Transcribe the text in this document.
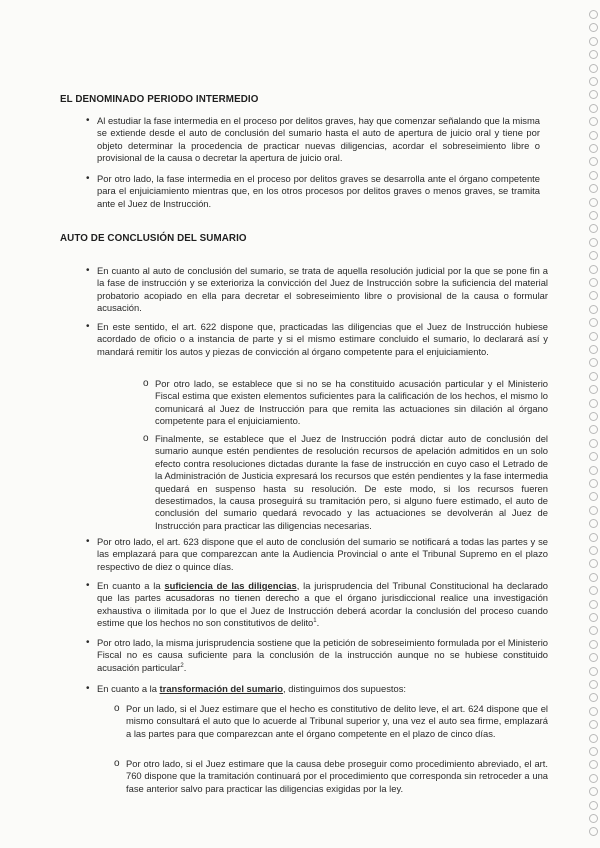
EL DENOMINADO PERIODO INTERMEDIO
• Al estudiar la fase intermedia en el proceso por delitos graves, hay que comenzar señalando que la misma se extiende desde el auto de conclusión del sumario hasta el auto de apertura de juicio oral y tiene por objeto determinar la procedencia de practicar nuevas diligencias, acordar el sobreseimiento libre o provisional de la causa o decretar la apertura de juicio oral.
• Por otro lado, la fase intermedia en el proceso por delitos graves se desarrolla ante el órgano competente para el enjuiciamiento mientras que, en los otros procesos por delitos graves o menos graves, se tramita ante el Juez de Instrucción.
AUTO DE CONCLUSIÓN DEL SUMARIO
• En cuanto al auto de conclusión del sumario, se trata de aquella resolución judicial por la que se pone fin a la fase de instrucción y se exterioriza la convicción del Juez de Instrucción sobre la suficiencia del material probatorio acopiado en ella para decretar el sobreseimiento libre o provisional de la causa o formular acusación.
• En este sentido, el art. 622 dispone que, practicadas las diligencias que el Juez de Instrucción hubiese acordado de oficio o a instancia de parte y si el mismo estimare concluido el sumario, lo declarará así y mandará remitir los autos y piezas de convicción al órgano competente para el enjuiciamiento.
o Por otro lado, se establece que si no se ha constituido acusación particular y el Ministerio Fiscal estima que existen elementos suficientes para la calificación de los hechos, el mismo lo comunicará al Juez de Instrucción para que remita las actuaciones sin dilación al órgano competente para el enjuiciamiento.
o Finalmente, se establece que el Juez de Instrucción podrá dictar auto de conclusión del sumario aunque estén pendientes de resolución recursos de apelación admitidos en un solo efecto contra resoluciones dictadas durante la fase de instrucción en cuyo caso el Letrado de la Administración de Justicia expresará los recursos que estén pendientes y la fase intermedia quedará en suspenso hasta su resolución. De este modo, si los recursos fueren desestimados, la causa proseguirá su tramitación pero, si alguno fuere estimado, el auto de conclusión del sumario quedará revocado y las actuaciones se devolverán al Juez de Instrucción para practicar las diligencias necesarias.
• Por otro lado, el art. 623 dispone que el auto de conclusión del sumario se notificará a todas las partes y se las emplazará para que comparezcan ante la Audiencia Provincial o ante el Tribunal Supremo en el plazo respectivo de diez o quince días.
• En cuanto a la suficiencia de las diligencias, la jurisprudencia del Tribunal Constitucional ha declarado que las partes acusadoras no tienen derecho a que el órgano jurisdiccional realice una investigación exhaustiva o ilimitada por lo que el Juez de Instrucción deberá acordar la conclusión del proceso cuando estime que los hechos no son constitutivos de delito$^1$.
• Por otro lado, la misma jurisprudencia sostiene que la petición de sobreseimiento formulada por el Ministerio Fiscal no es causa suficiente para la conclusión de la instrucción aunque no se hubiese constituido acusación particular$^2$.
• En cuanto a la transformación del sumario, distinguimos dos supuestos:
o Por un lado, si el Juez estimare que el hecho es constitutivo de delito leve, el art. 624 dispone que el mismo consultará el auto que lo acuerde al Tribunal superior y, una vez el auto sea firme, emplazará a las partes para que comparezcan ante el órgano competente en el plazo de cinco días.
o Por otro lado, si el Juez estimare que la causa debe proseguir como procedimiento abreviado, el art. 760 dispone que la tramitación continuará por el procedimiento que corresponda sin retroceder a una fase anterior salvo para practicar las diligencias exigidas por la ley.
